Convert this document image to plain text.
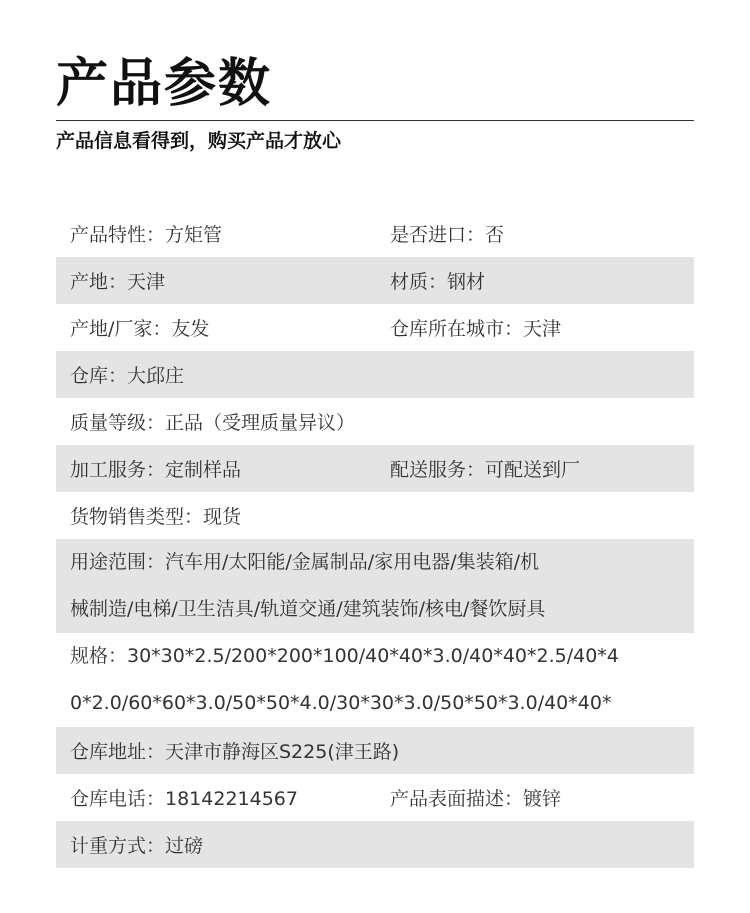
产品参数
产品信息看得到，购买产品才放心
产品特性：方矩管	是否进口：否
产地：天津	材质：钢材
产地/厂家：友发	仓库所在城市：天津
仓库：大邱庄
质量等级：正品（受理质量异议）
加工服务：定制样品	配送服务：可配送到厂
货物销售类型：现货
用途范围：汽车用/太阳能/金属制品/家用电器/集装箱/机
械制造/电梯/卫生洁具/轨道交通/建筑装饰/核电/餐饮厨具
规格：30*30*2.5/200*200*100/40*40*3.0/40*40*2.5/40*4
0*2.0/60*60*3.0/50*50*4.0/30*30*3.0/50*50*3.0/40*40*
仓库地址：天津市静海区S225(津王路)
仓库电话：18142214567	产品表面描述：镀锌
计重方式：过磅
